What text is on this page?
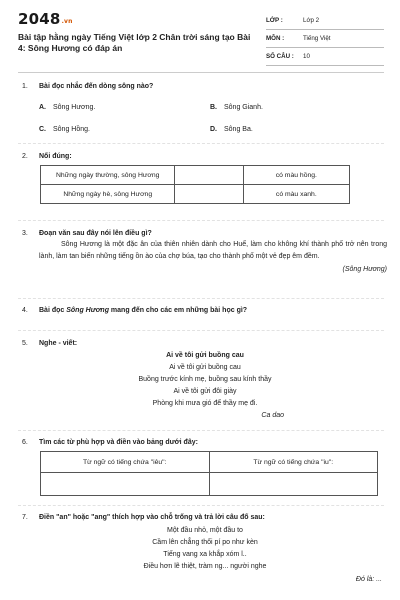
2048.vn
Bài tập hằng ngày Tiếng Việt lớp 2 Chân trời sáng tạo Bài 4: Sông Hương có đáp án
LỚP :	Lớp 2
MÔN :	Tiếng Việt
SỐ CÂU :	10
1.	Bài đọc nhắc đến dòng sông nào?
A. Sông Hương.	B. Sông Gianh.
C. Sông Hồng.	D. Sông Ba.
2.	Nối đúng:
Những ngày thường, sông Hương		có màu hồng.
Những ngày hè, sông Hương		có màu xanh.
3.	Đoạn văn sau đây nói lên điều gì?
Sông Hương là một đặc ân của thiên nhiên dành cho Huế, làm cho không khí thành phố trở nên trong lành, làm tan biến những tiếng ồn ào của chợ búa, tạo cho thành phố một vẻ đẹp êm đềm.
(Sông Hương)
4.	Bài đọc Sông Hương mang đến cho các em những bài học gì?
5.	Nghe - viết:
Ai về tôi gửi buồng cau
Ai về tôi gửi buồng cau
Buồng trước kính mẹ, buồng sau kính thầy
Ai về tôi gửi đôi giày
Phòng khi mưa gió để thầy mẹ đi.
Ca dao
6.	Tìm các từ phù hợp và điền vào bảng dưới đây:
Từ ngữ có tiếng chứa "iêu":	Từ ngữ có tiếng chứa "iu":

7.	Điền "an" hoặc "ang" thích hợp vào chỗ trống và trả lời câu đố sau:
Một đầu nhỏ, một đầu to
Cầm lên chẳng thổi pí po như kèn
Tiếng vang xa khắp xóm l..
Điều hơn lẽ thiệt, tràm ng... người nghe
Đó là: ...
